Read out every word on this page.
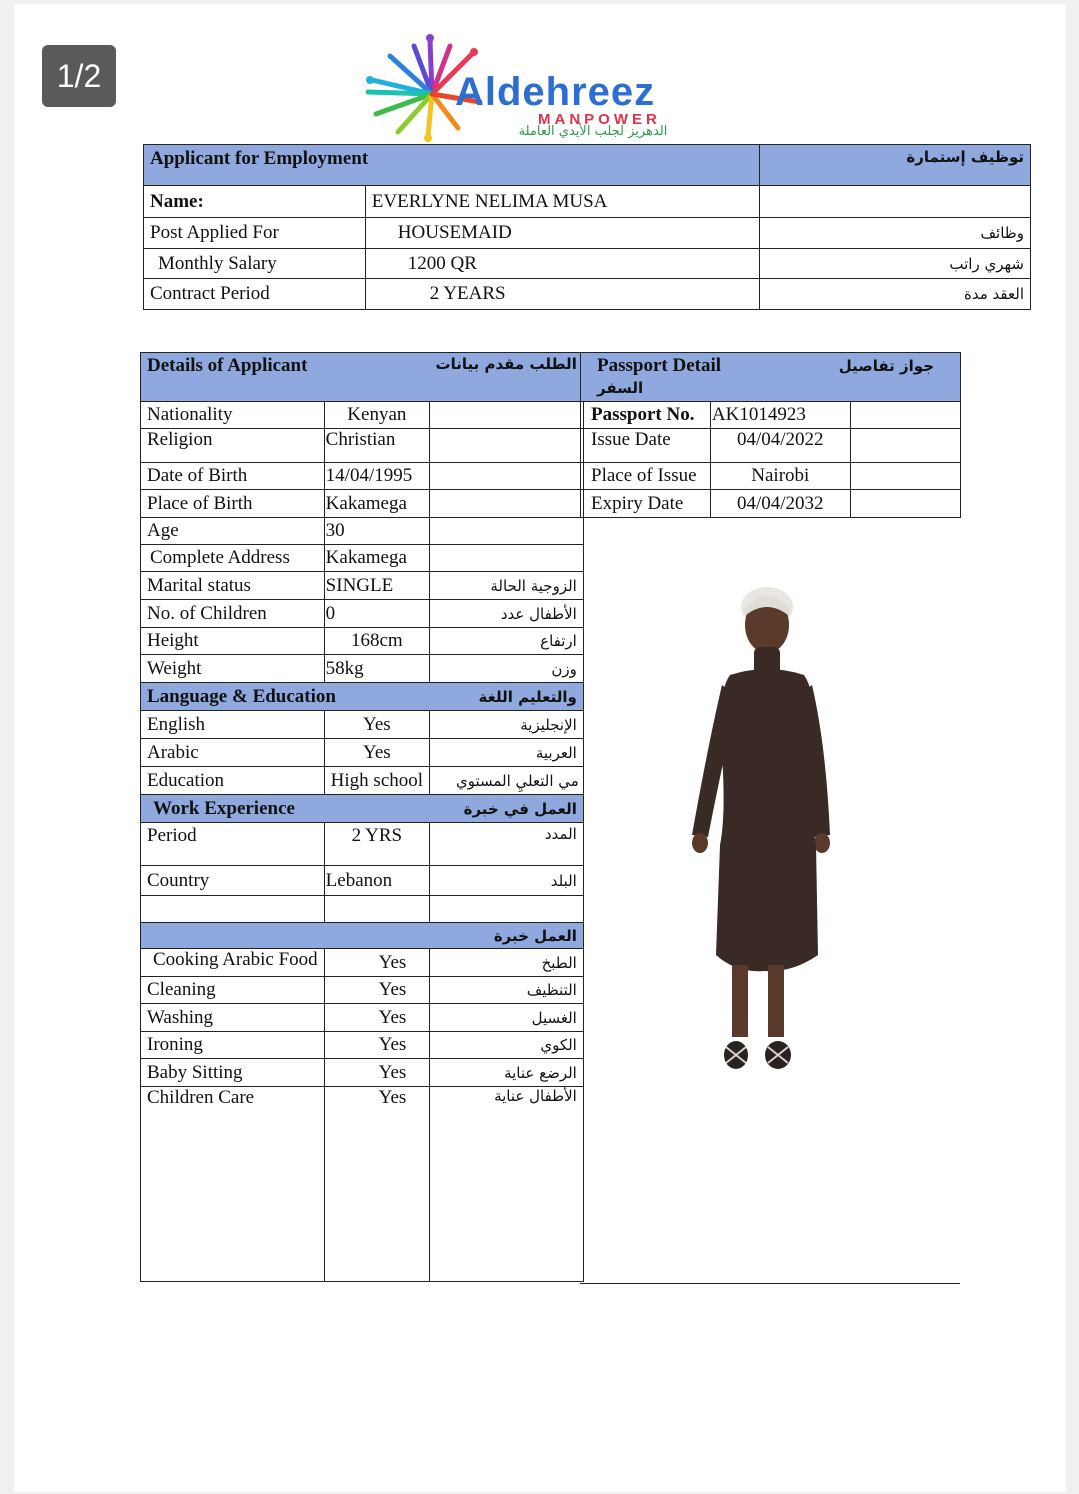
1/2	Aldehreez
MANPOWER
الدهريز لجلب الأيدي العاملة
Applicant for Employment		توظيف إستمارة
Name:	EVERLYNE NELIMA MUSA	
Post Applied For	HOUSEMAID	وظائف
Monthly Salary	1200 QR	شهري راتب
Contract Period	2 YEARS	العقد مدة
Details of Applicant		الطلب مقدم بيانات
Nationality	Kenyan	
Religion	Christian	
Date of Birth	14/04/1995	
Place of Birth	Kakamega	
Age	30	
Complete Address	Kakamega	
Marital status	SINGLE	الزوجية الحالة
No. of Children	0	الأطفال عدد
Height	168cm	ارتفاع
Weight	58kg	وزن
Language & Education		والتعليم اللغة
English	Yes	الإنجليزية
Arabic	Yes	العربية
Education	High school	مي التعليِ المستوي
Work Experience		العمل في خبرة
Period	2 YRS	المدد
Country	Lebanon	البلد

		العمل خبرة
Cooking Arabic Food	Yes	الطبخ
Cleaning	Yes	التنظيف
Washing	Yes	الغسيل
Ironing	Yes	الكوي
Baby Sitting	Yes	الرضع عناية
Children Care	Yes	الأطفال عناية
جواز تفاصيل
Passport Detail
السفر		
Passport No.	AK1014923	
Issue Date	04/04/2022	
Place of Issue	Nairobi	
Expiry Date	04/04/2032	
